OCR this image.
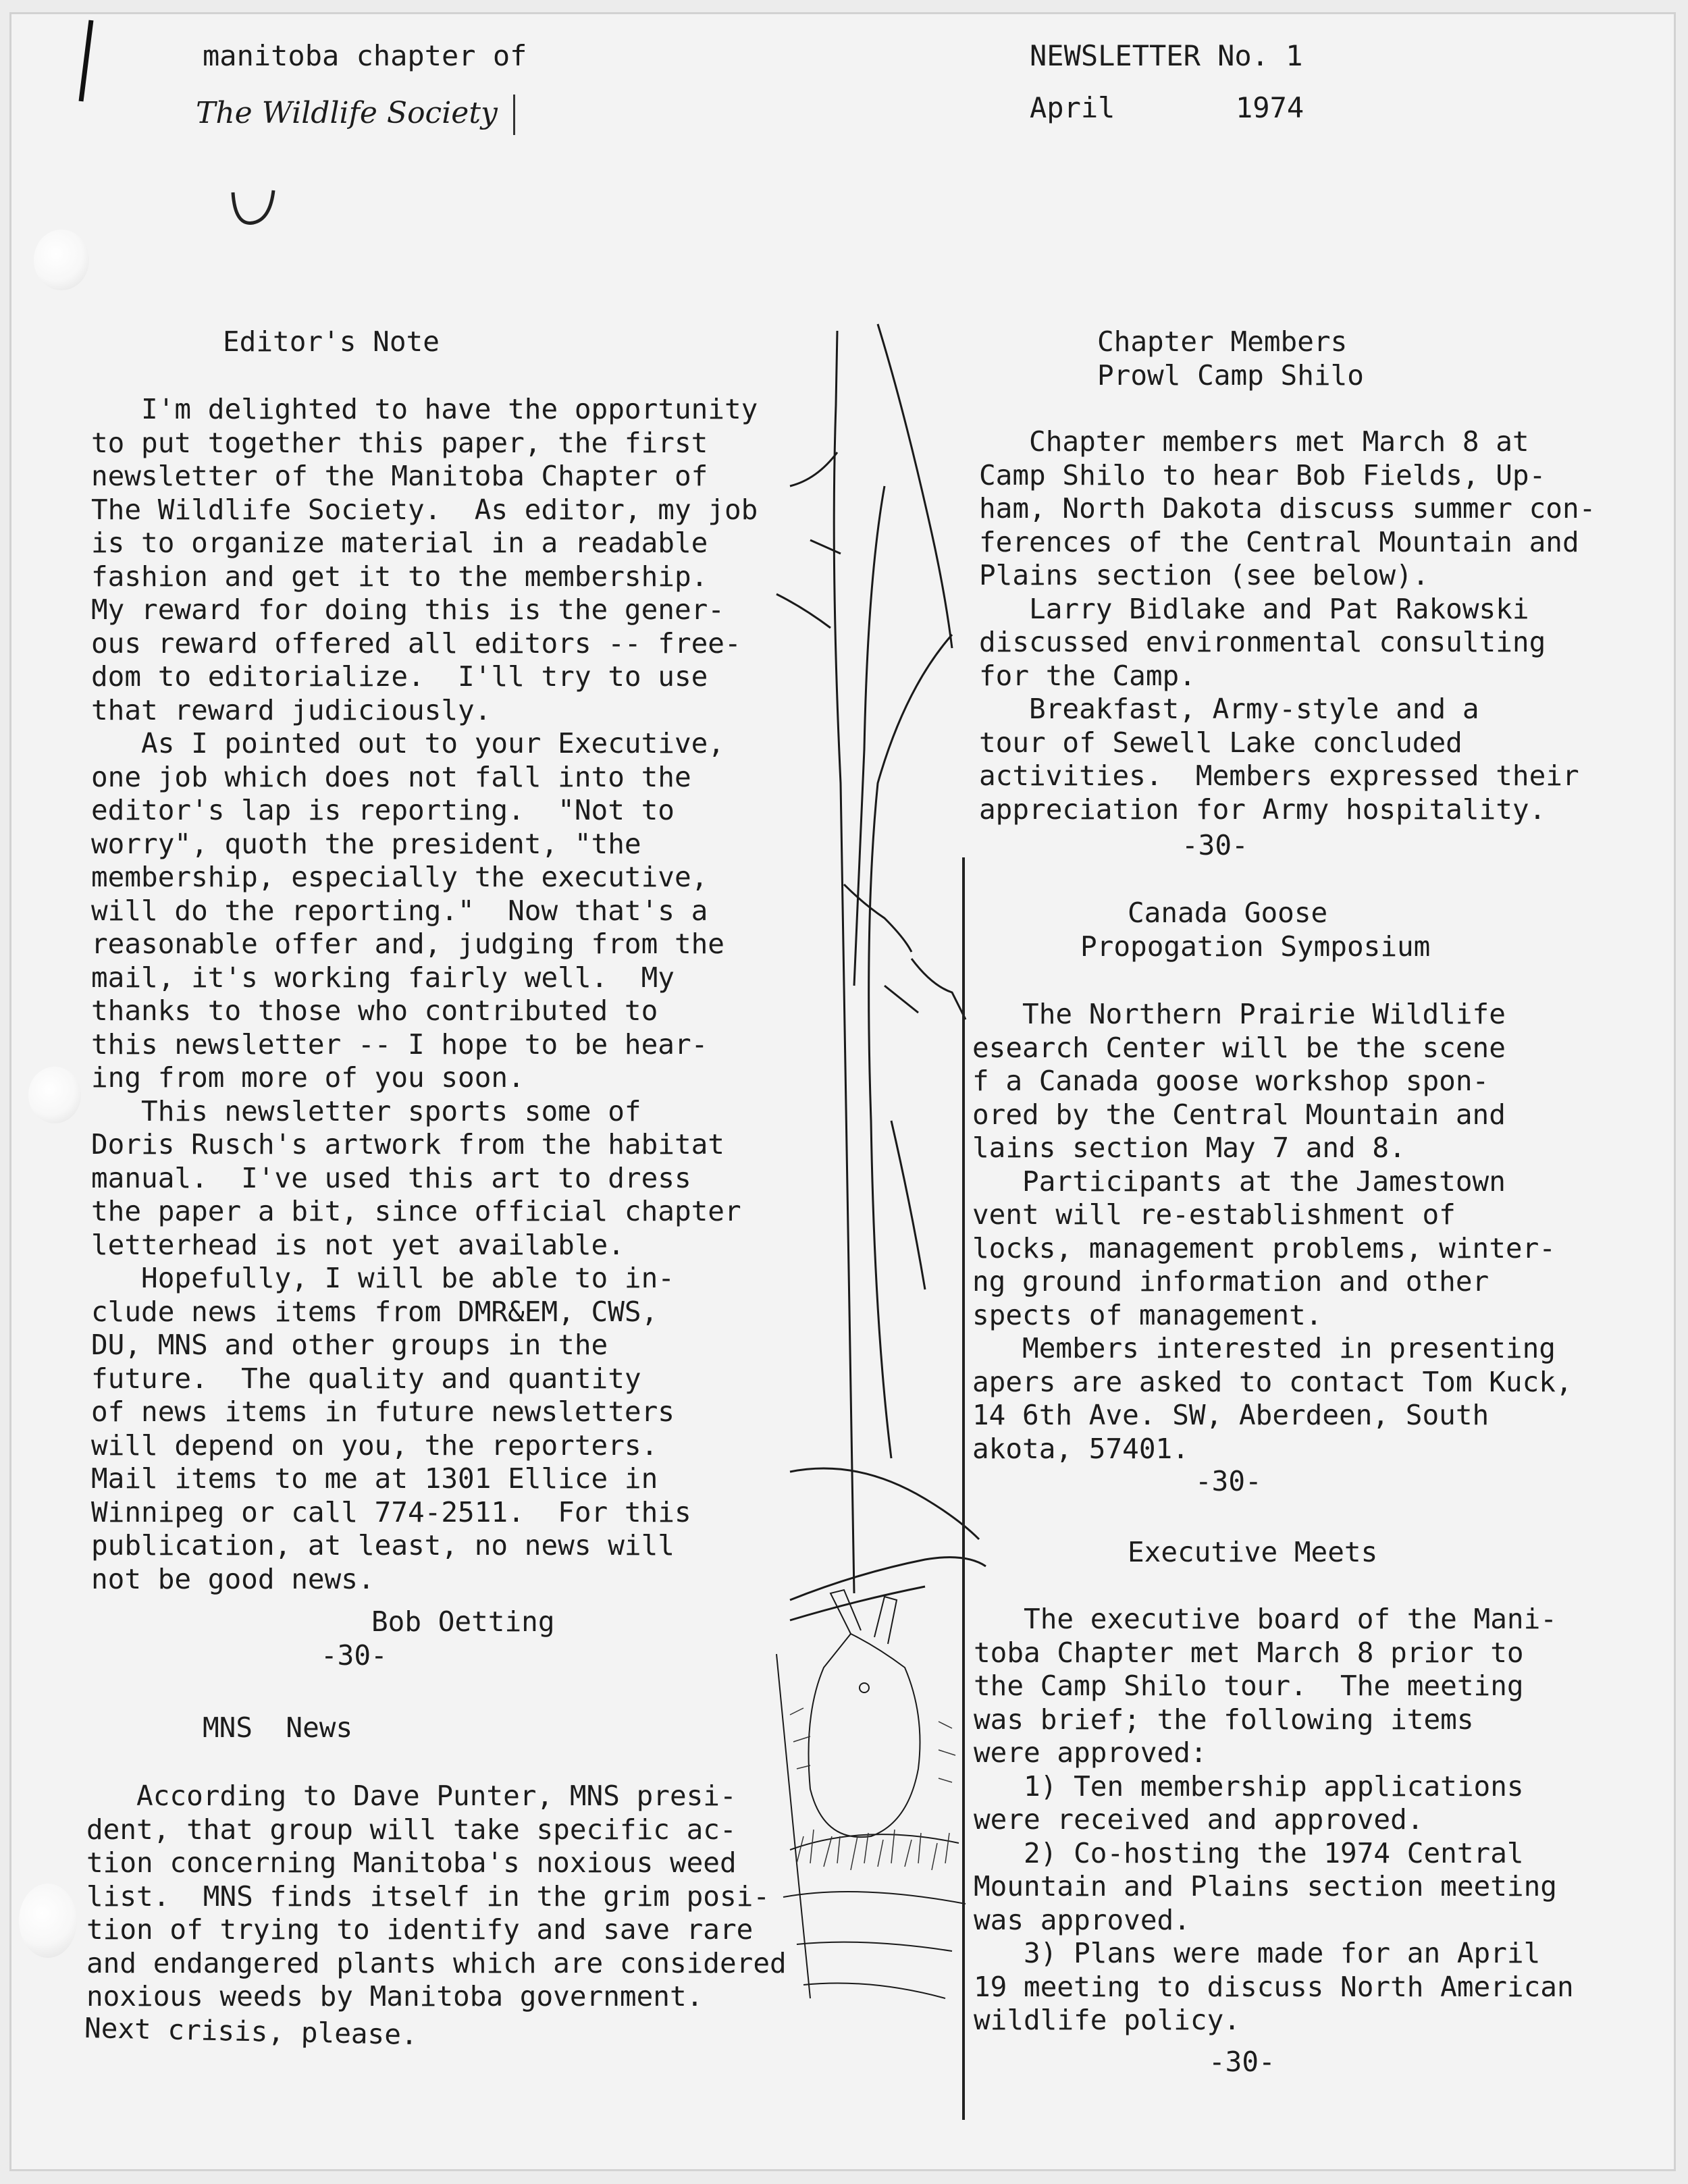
manitoba chapter of
The Wildlife Society
NEWSLETTER No. 1
April	1974
Editor's Note
I'm delighted to have the opportunity
to put together this paper, the first
newsletter of the Manitoba Chapter of
The Wildlife Society.  As editor, my job
is to organize material in a readable
fashion and get it to the membership.
My reward for doing this is the gener-
ous reward offered all editors -- free-
dom to editorialize.  I'll try to use
that reward judiciously.
As I pointed out to your Executive,
one job which does not fall into the
editor's lap is reporting.  "Not to
worry", quoth the president, "the
membership, especially the executive,
will do the reporting."  Now that's a
reasonable offer and, judging from the
mail, it's working fairly well.  My
thanks to those who contributed to
this newsletter -- I hope to be hear-
ing from more of you soon.
This newsletter sports some of
Doris Rusch's artwork from the habitat
manual.  I've used this art to dress
the paper a bit, since official chapter
letterhead is not yet available.
Hopefully, I will be able to in-
clude news items from DMR&EM, CWS,
DU, MNS and other groups in the
future.  The quality and quantity
of news items in future newsletters
will depend on you, the reporters.
Mail items to me at 1301 Ellice in
Winnipeg or call 774-2511.  For this
publication, at least, no news will
not be good news.
Bob Oetting
-30-
MNS  News
According to Dave Punter, MNS presi-
dent, that group will take specific ac-
tion concerning Manitoba's noxious weed
list.  MNS finds itself in the grim posi-
tion of trying to identify and save rare
and endangered plants which are considered
noxious weeds by Manitoba government.
Next crisis, please.
Chapter Members
Prowl Camp Shilo
Chapter members met March 8 at
Camp Shilo to hear Bob Fields, Up-
ham, North Dakota discuss summer con-
ferences of the Central Mountain and
Plains section (see below).
Larry Bidlake and Pat Rakowski
discussed environmental consulting
for the Camp.
Breakfast, Army-style and a
tour of Sewell Lake concluded
activities.  Members expressed their
appreciation for Army hospitality.
-30-
Canada Goose
Propogation Symposium
The Northern Prairie Wildlife
esearch Center will be the scene
f a Canada goose workshop spon-
ored by the Central Mountain and
lains section May 7 and 8.
Participants at the Jamestown
vent will re-establishment of
locks, management problems, winter-
ng ground information and other
spects of management.
Members interested in presenting
apers are asked to contact Tom Kuck,
14 6th Ave. SW, Aberdeen, South
akota, 57401.
-30-
Executive Meets
The executive board of the Mani-
toba Chapter met March 8 prior to
the Camp Shilo tour.  The meeting
was brief; the following items
were approved:
1) Ten membership applications
were received and approved.
2) Co-hosting the 1974 Central
Mountain and Plains section meeting
was approved.
3) Plans were made for an April
19 meeting to discuss North American
wildlife policy.
-30-
